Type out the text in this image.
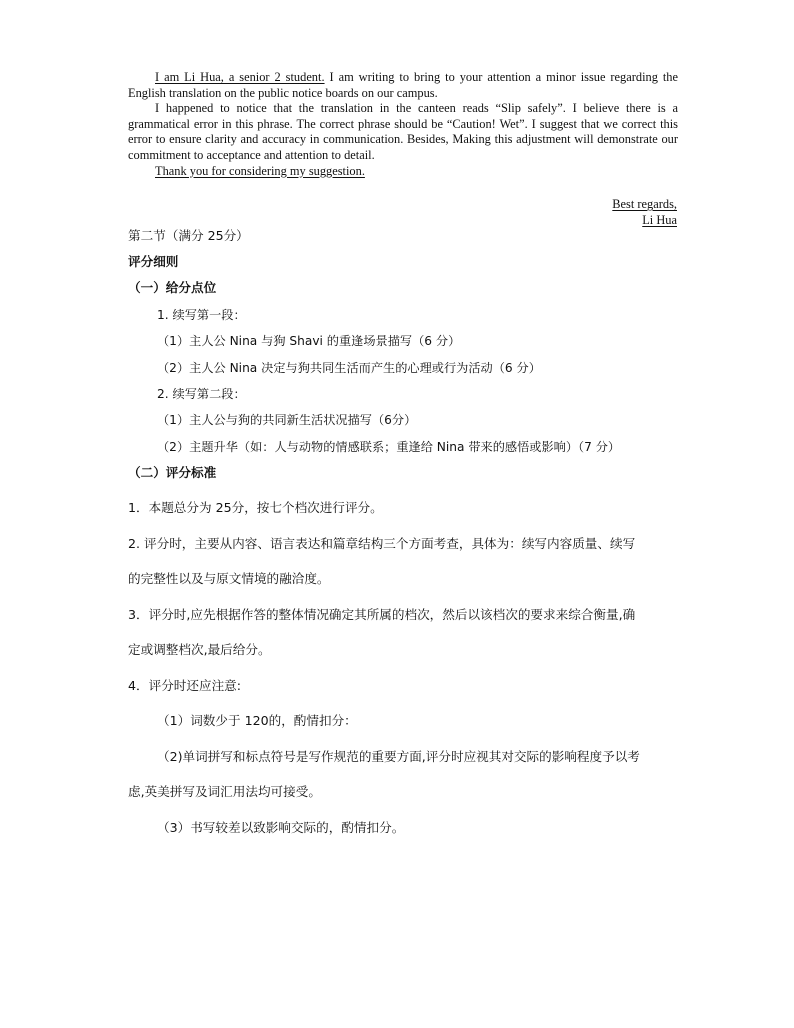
I am Li Hua, a senior 2 student. I am writing to bring to your attention a minor issue regarding the English translation on the public notice boards on our campus.

I happened to notice that the translation in the canteen reads “Slip safely”. I believe there is a grammatical error in this phrase. The correct phrase should be “Caution! Wet”. I suggest that we correct this error to ensure clarity and accuracy in communication. Besides, Making this adjustment will demonstrate our commitment to acceptance and attention to detail.

Thank you for considering my suggestion.

Best regards,
Li Hua
第二节（满分 25分）
评分细则
（一）给分点位
1. 续写第一段：
（1）主人公 Nina 与狗 Shavi 的重逢场景描写（6 分）
（2）主人公 Nina 决定与狗共同生活而产生的心理或行为活动（6 分）
2. 续写第二段：
（1）主人公与狗的共同新生活状况描写（6分）
（2）主题升华（如：人与动物的情感联系；重逢给 Nina 带来的感悟或影响）（7 分）
（二）评分标准
1．本题总分为 25分，按七个档次进行评分。
2. 评分时，主要从内容、语言表达和篇章结构三个方面考查，具体为：续写内容质量、续写
的完整性以及与原文情境的融洽度。
3．评分时,应先根据作答的整体情况确定其所属的档次，然后以该档次的要求来综合衡量,确
定或调整档次,最后给分。
4．评分时还应注意:
（1）词数少于 120的，酌情扣分：
（2)单词拼写和标点符号是写作规范的重要方面,评分时应视其对交际的影响程度予以考
虑,英美拼写及词汇用法均可接受。
（3）书写较差以致影响交际的，酌情扣分。
